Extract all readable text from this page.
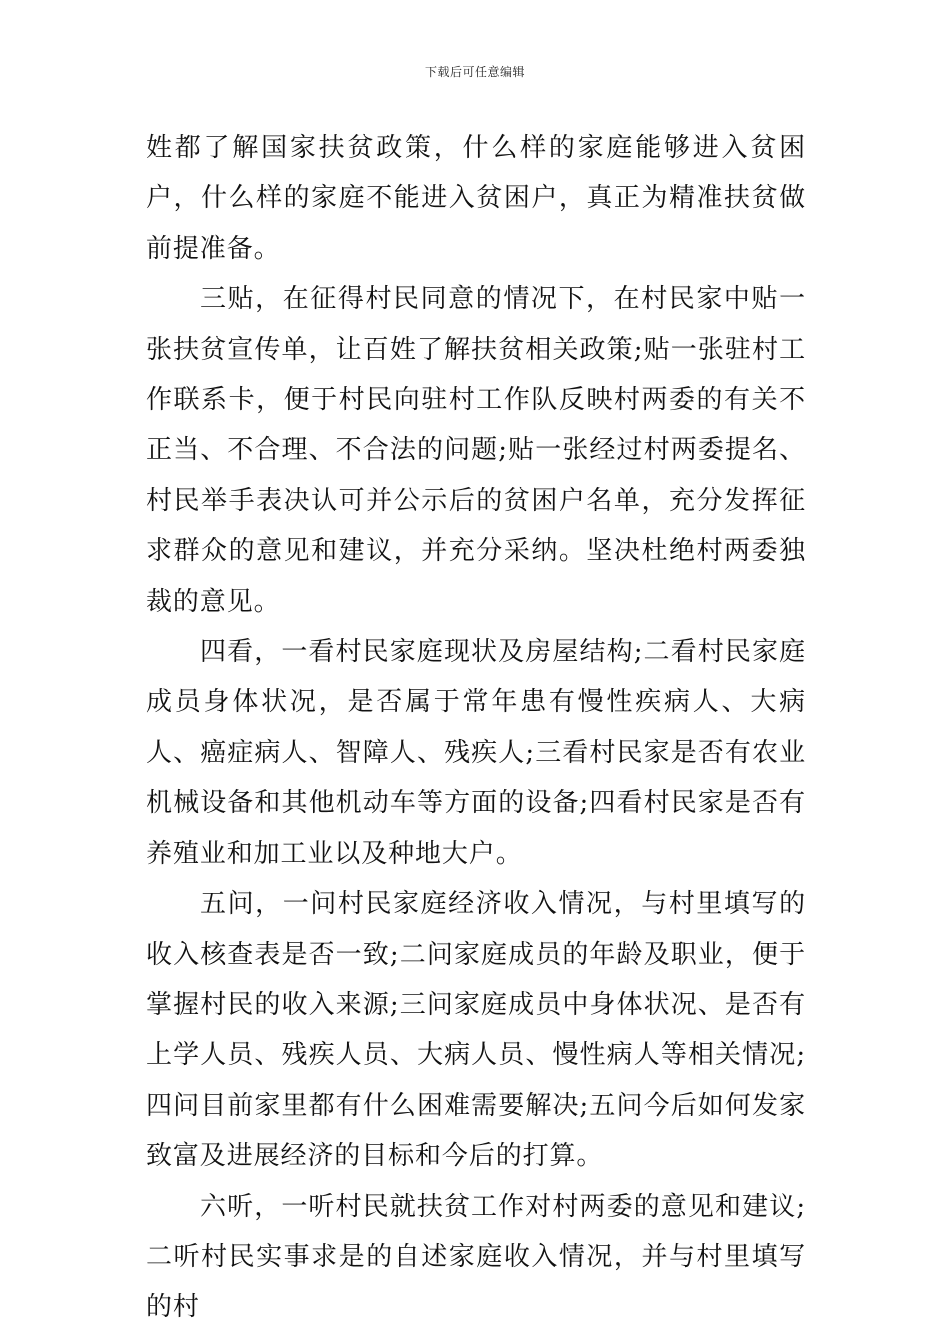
下载后可任意编辑

姓都了解国家扶贫政策，什么样的家庭能够进入贫困户，什么样的家庭不能进入贫困户，真正为精准扶贫做前提准备。

三贴，在征得村民同意的情况下，在村民家中贴一张扶贫宣传单，让百姓了解扶贫相关政策;贴一张驻村工作联系卡，便于村民向驻村工作队反映村两委的有关不正当、不合理、不合法的问题;贴一张经过村两委提名、村民举手表决认可并公示后的贫困户名单，充分发挥征求群众的意见和建议，并充分采纳。坚决杜绝村两委独裁的意见。

四看，一看村民家庭现状及房屋结构;二看村民家庭成员身体状况，是否属于常年患有慢性疾病人、大病人、癌症病人、智障人、残疾人;三看村民家是否有农业机械设备和其他机动车等方面的设备;四看村民家是否有养殖业和加工业以及种地大户。

五问，一问村民家庭经济收入情况，与村里填写的收入核查表是否一致;二问家庭成员的年龄及职业，便于掌握村民的收入来源;三问家庭成员中身体状况、是否有上学人员、残疾人员、大病人员、慢性病人等相关情况;四问目前家里都有什么困难需要解决;五问今后如何发家致富及进展经济的目标和今后的打算。

六听，一听村民就扶贫工作对村两委的意见和建议;二听村民实事求是的自述家庭收入情况，并与村里填写的村
